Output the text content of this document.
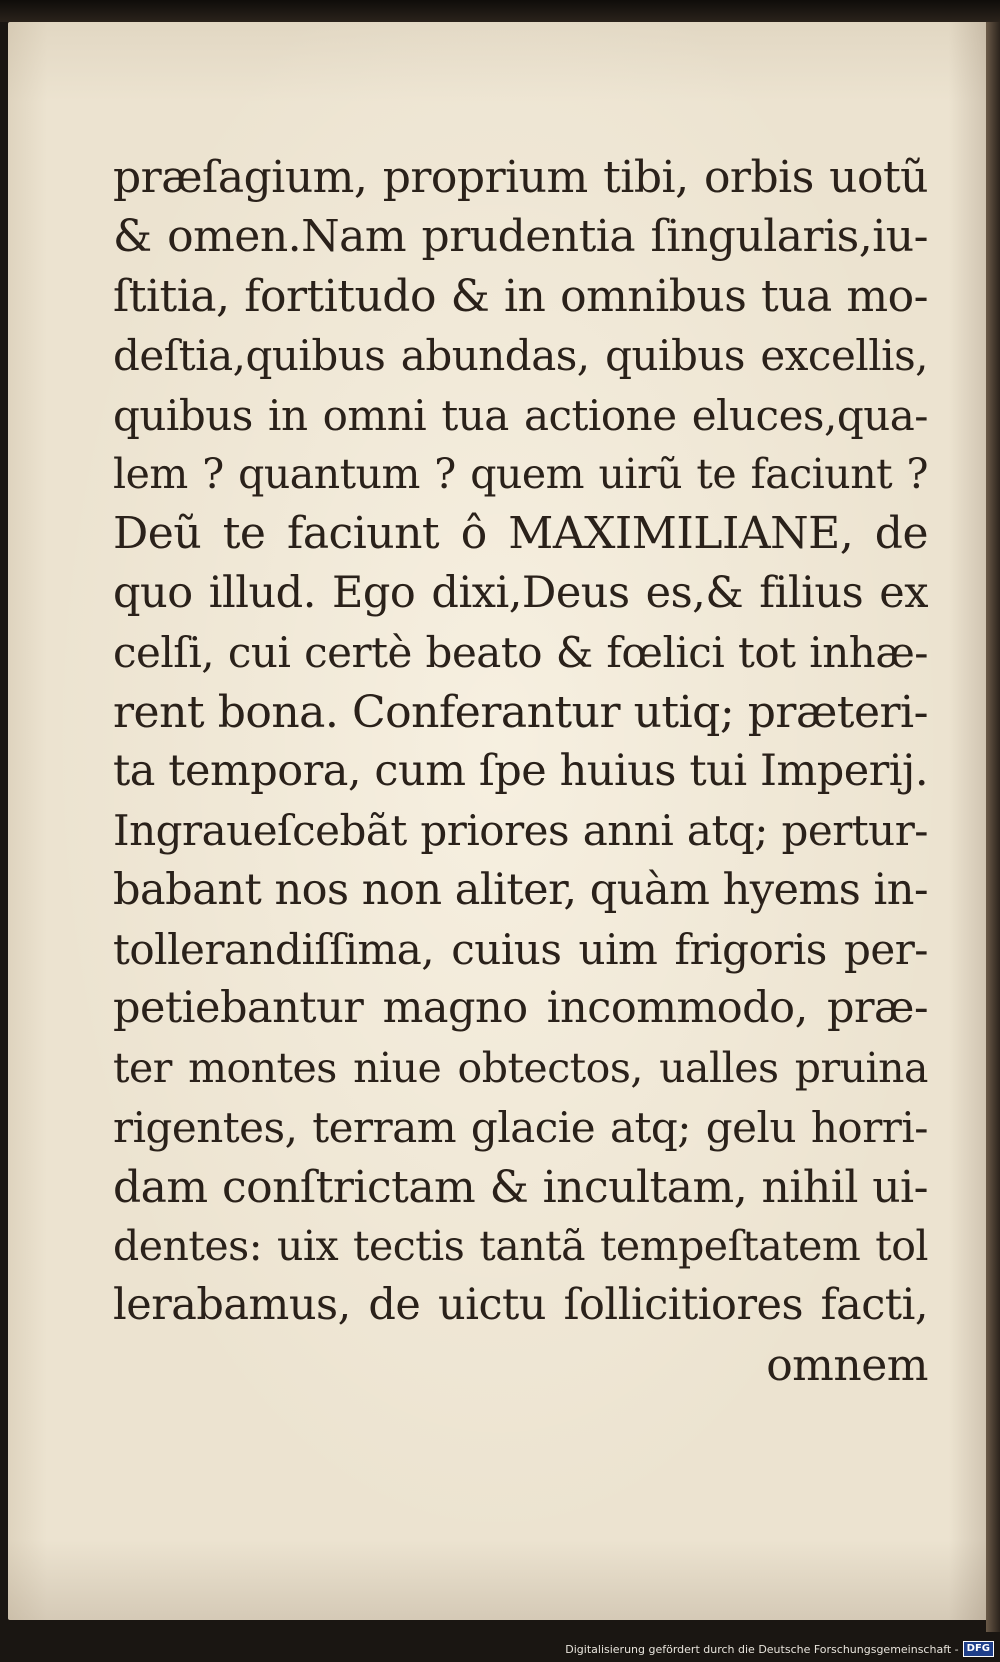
præſagium, proprium tibi, orbis uotũ
& omen.Nam prudentia ſingularis,iu-
ſtitia, fortitudo & in omnibus tua mo-
deſtia,quibus abundas, quibus excellis,
quibus in omni tua actione eluces,qua-
lem ? quantum ? quem uirũ te faciunt ?
Deũ te faciunt ô MAXIMILIANE, de
quo illud. Ego dixi,Deus es,& filius ex
celſi, cui certè beato & fœlici tot inhæ-
rent bona. Conferantur utiq; præteri-
ta tempora, cum ſpe huius tui Imperij.
Ingraueſcebãt priores anni atq; pertur-
babant nos non aliter, quàm hyems in-
tollerandiſſima, cuius uim frigoris per-
petiebantur magno incommodo, præ-
ter montes niue obtectos, ualles pruina
rigentes, terram glacie atq; gelu horri-
dam conſtrictam & incultam, nihil ui-
dentes: uix tectis tantã tempeſtatem tol
lerabamus, de uictu ſollicitiores facti,
omnem
Digitalisierung gefördert durch die Deutsche Forschungsgemeinschaft - DFG
